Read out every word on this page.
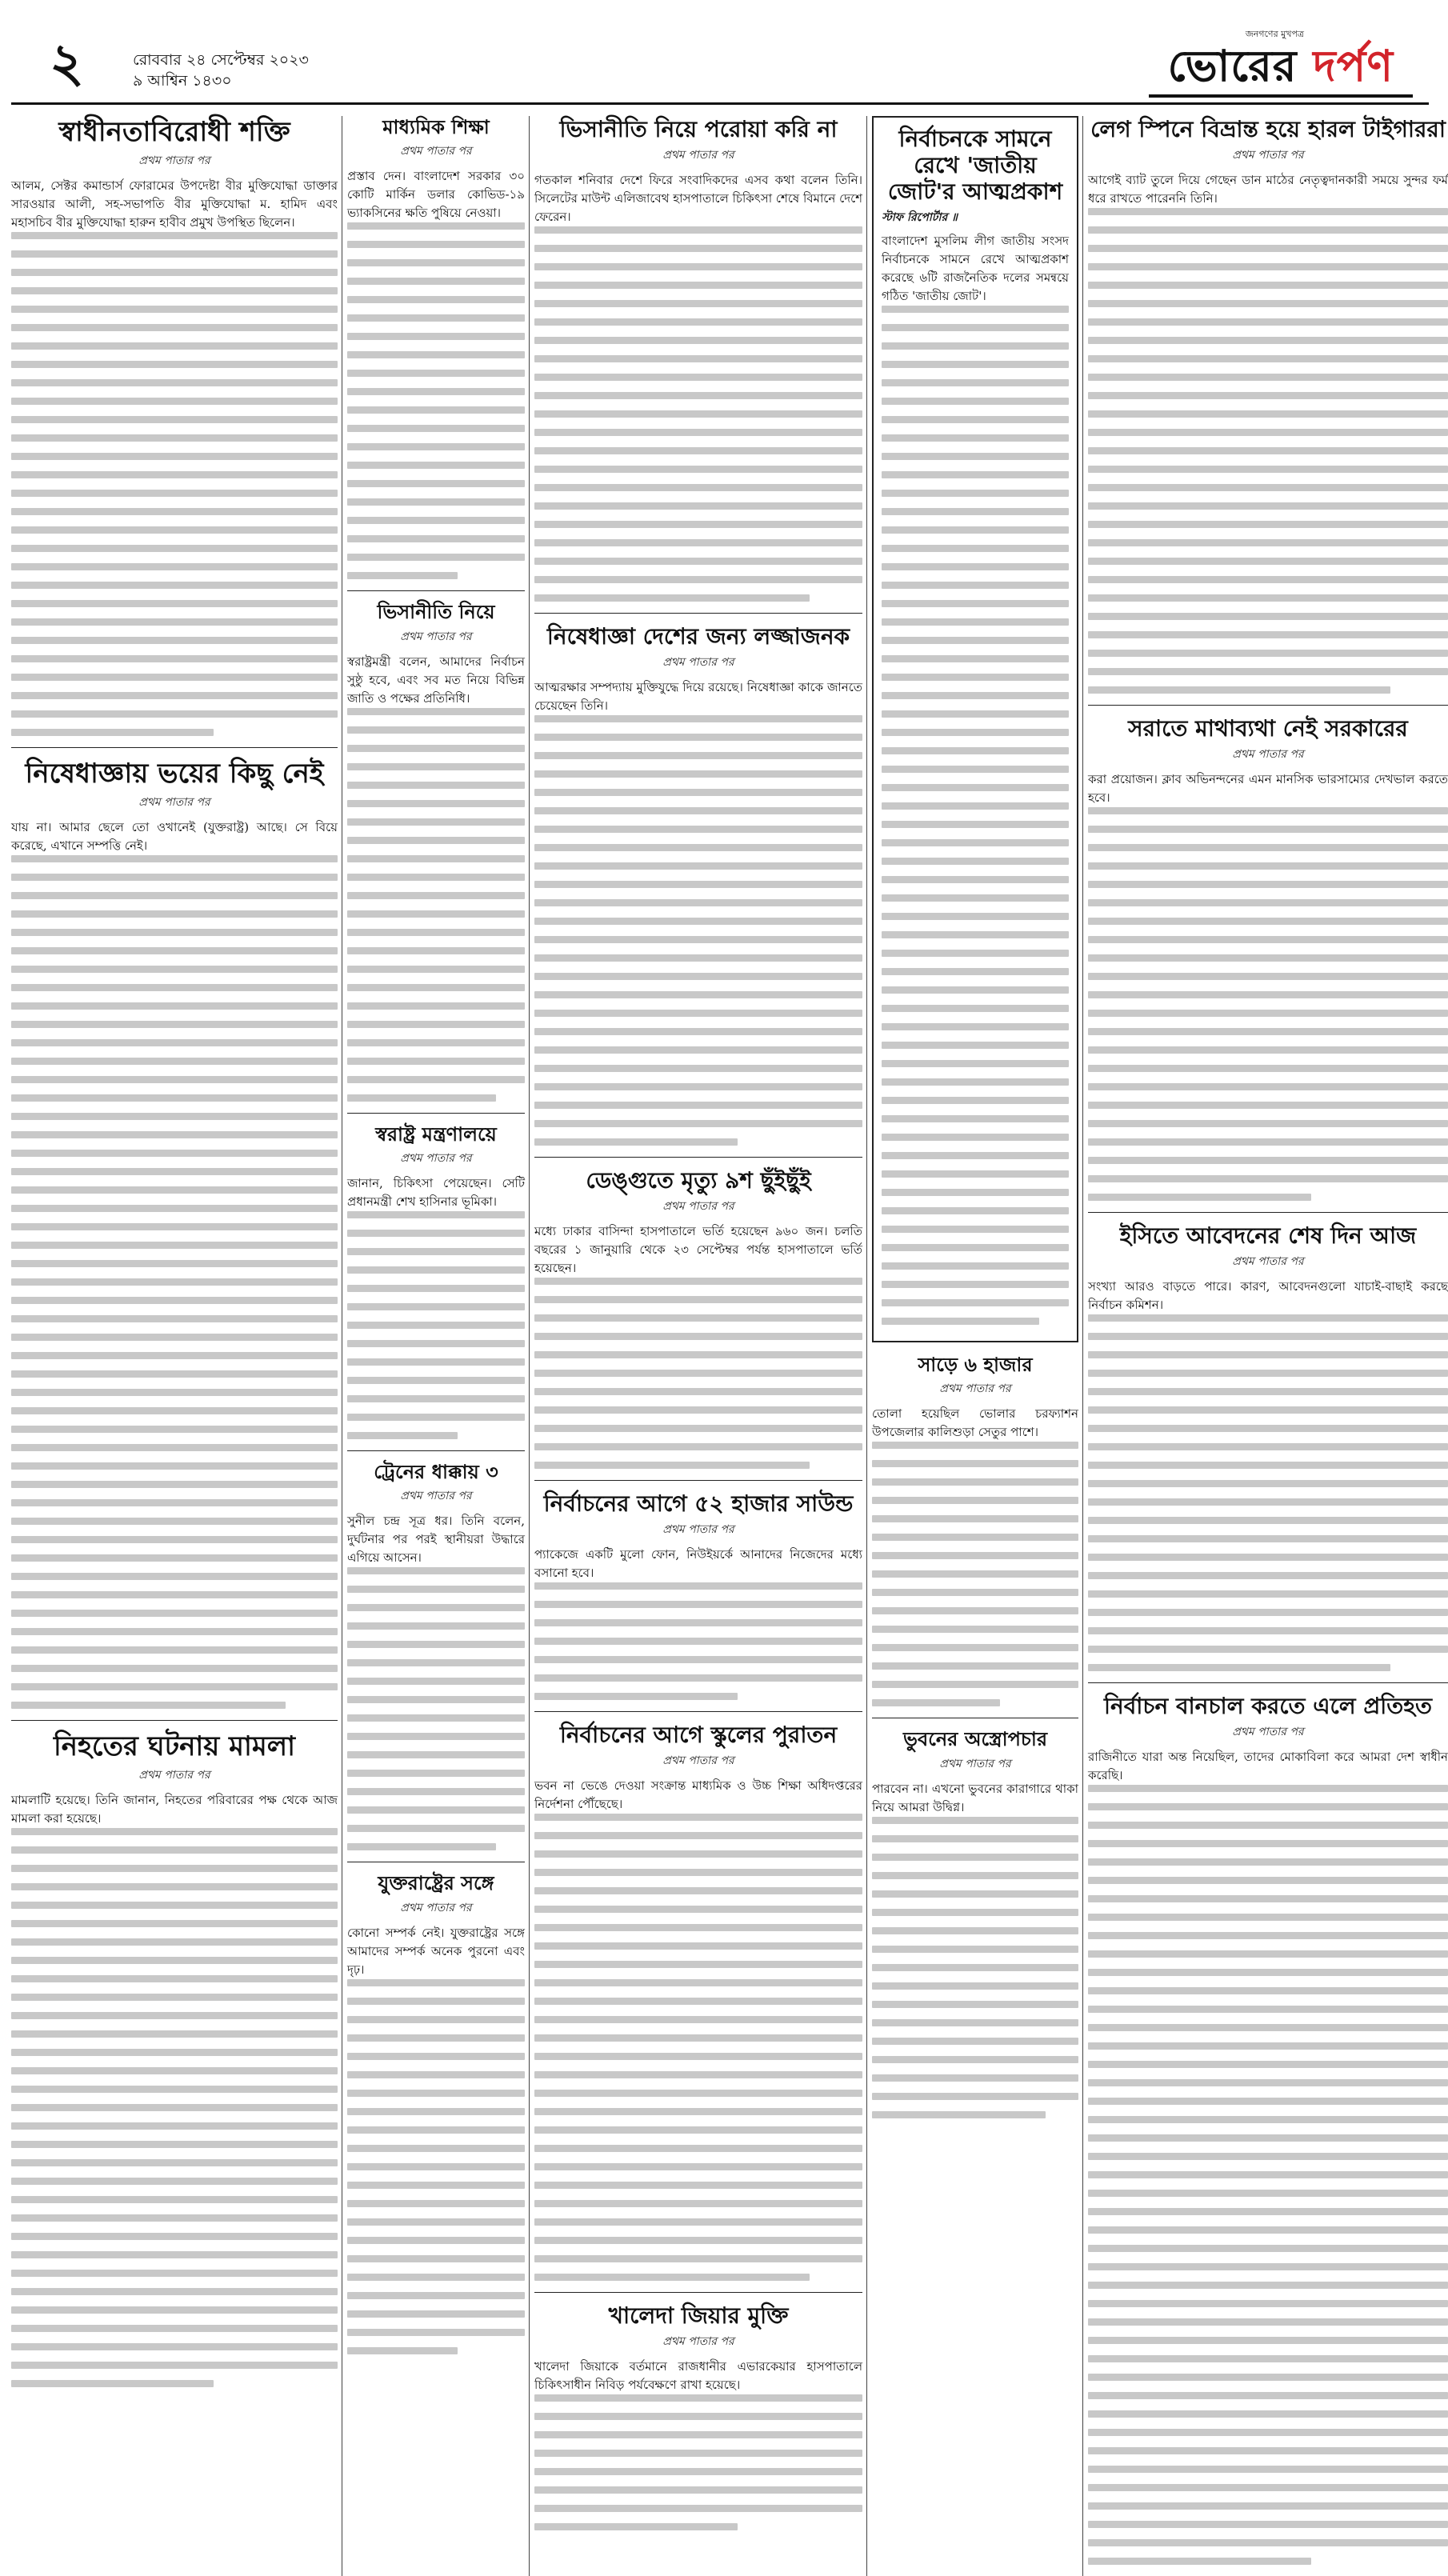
২	রোববার ২৪ সেপ্টেম্বর ২০২৩
৯ আশ্বিন ১৪৩০
জনগণের মুখপত্র
ভোরের দর্পণ
স্বাধীনতাবিরোধী শক্তি

প্রথম পাতার পর

আলম, সেক্টর কমান্ডার্স ফোরামের উপদেষ্টা বীর মুক্তিযোদ্ধা ডাক্তার সারওয়ার আলী, সহ-সভাপতি বীর মুক্তিযোদ্ধা ম. হামিদ এবং মহাসচিব বীর মুক্তিযোদ্ধা হারুন হাবীব প্রমুখ উপস্থিত ছিলেন।

নিষেধাজ্ঞায় ভয়ের কিছু নেই

প্রথম পাতার পর

যায় না। আমার ছেলে তো ওখানেই (যুক্তরাষ্ট্র) আছে। সে বিয়ে করেছে, এখানে সম্পত্তি নেই।

নিহতের ঘটনায় মামলা

প্রথম পাতার পর

মামলাটি হয়েছে। তিনি জানান, নিহতের পরিবারের পক্ষ থেকে আজ মামলা করা হয়েছে।

মাধ্যমিক শিক্ষা

প্রথম পাতার পর

প্রস্তাব দেন। বাংলাদেশ সরকার ৩০ কোটি মার্কিন ডলার কোভিড-১৯ ভ্যাকসিনের ক্ষতি পুষিয়ে নেওয়া।

ভিসানীতি নিয়ে

প্রথম পাতার পর

স্বরাষ্ট্রমন্ত্রী বলেন, আমাদের নির্বাচন সুষ্ঠু হবে, এবং সব মত নিয়ে বিভিন্ন জাতি ও পক্ষের প্রতিনিধি।

স্বরাষ্ট্র মন্ত্রণালয়ে

প্রথম পাতার পর

জানান, চিকিৎসা পেয়েছেন। সেটি প্রধানমন্ত্রী শেখ হাসিনার ভূমিকা।

ট্রেনের ধাক্কায় ৩

প্রথম পাতার পর

সুনীল চন্দ্র সূত্র ধর। তিনি বলেন, দুর্ঘটনার পর পরই স্থানীয়রা উদ্ধারে এগিয়ে আসেন।

যুক্তরাষ্ট্রের সঙ্গে

প্রথম পাতার পর

কোনো সম্পর্ক নেই। যুক্তরাষ্ট্রের সঙ্গে আমাদের সম্পর্ক অনেক পুরনো এবং দৃঢ়।

ভিসানীতি নিয়ে পরোয়া করি না

প্রথম পাতার পর

গতকাল শনিবার দেশে ফিরে সংবাদিকদের এসব কথা বলেন তিনি। সিলেটের মাউন্ট এলিজাবেথ হাসপাতালে চিকিৎসা শেষে বিমানে দেশে ফেরেন।

নিষেধাজ্ঞা দেশের জন্য লজ্জাজনক

প্রথম পাতার পর

আত্মরক্ষার সম্পদ্যায় মুক্তিযুদ্ধে দিয়ে রয়েছে। নিষেধাজ্ঞা কাকে জানতে চেয়েছেন তিনি।

ডেঙ্গুতে মৃত্যু ৯শ ছুঁইছুঁই

প্রথম পাতার পর

মধ্যে ঢাকার বাসিন্দা হাসপাতালে ভর্তি হয়েছেন ৯৬০ জন। চলতি বছরের ১ জানুয়ারি থেকে ২৩ সেপ্টেম্বর পর্যন্ত হাসপাতালে ভর্তি হয়েছেন।

নির্বাচনের আগে ৫২ হাজার সাউন্ড

প্রথম পাতার পর

প্যাকেজে একটি মুলো ফোন, নিউইয়র্কে আনাদের নিজেদের মধ্যে বসানো হবে।

নির্বাচনের আগে স্কুলের পুরাতন

প্রথম পাতার পর

ভবন না ভেঙে দেওয়া সংক্রান্ত মাধ্যমিক ও উচ্চ শিক্ষা অধিদপ্তরের নির্দেশনা পৌঁছেছে।

খালেদা জিয়ার মুক্তি

প্রথম পাতার পর

খালেদা জিয়াকে বর্তমানে রাজধানীর এভারকেয়ার হাসপাতালে চিকিৎসাধীন নিবিড় পর্যবেক্ষণে রাখা হয়েছে।

নির্বাচনকে সামনে রেখে 'জাতীয় জোট'র আত্মপ্রকাশ

স্টাফ রিপোর্টার ॥

বাংলাদেশ মুসলিম লীগ জাতীয় সংসদ নির্বাচনকে সামনে রেখে আত্মপ্রকাশ করেছে ৬টি রাজনৈতিক দলের সমন্বয়ে গঠিত 'জাতীয় জোট'।

সাড়ে ৬ হাজার

প্রথম পাতার পর

তোলা হয়েছিল ভোলার চরফ্যাশন উপজেলার কালিশুড়া সেতুর পাশে।

ভুবনের অস্ত্রোপচার

প্রথম পাতার পর

পারবেন না। এখনো ভুবনের কারাগারে থাকা নিয়ে আমরা উদ্বিগ্ন।

লেগ স্পিনে বিভ্রান্ত হয়ে হারল টাইগাররা

প্রথম পাতার পর

আগেই ব্যাট তুলে দিয়ে গেছেন ডান মাঠের নেতৃত্বদানকারী সময়ে সুন্দর ফর্ম ধরে রাখতে পারেননি তিনি।

সরাতে মাথাব্যথা নেই সরকারের

প্রথম পাতার পর

করা প্রয়োজন। ক্লাব অভিনন্দনের এমন মানসিক ভারসাম্যের দেখভাল করতে হবে।

ইসিতে আবেদনের শেষ দিন আজ

প্রথম পাতার পর

সংখ্যা আরও বাড়তে পারে। কারণ, আবেদনগুলো যাচাই-বাছাই করছে নির্বাচন কমিশন।

নির্বাচন বানচাল করতে এলে প্রতিহত

প্রথম পাতার পর

রাজিনীতে যারা অন্ত নিয়েছিল, তাদের মোকাবিলা করে আমরা দেশ স্বাধীন করেছি।
